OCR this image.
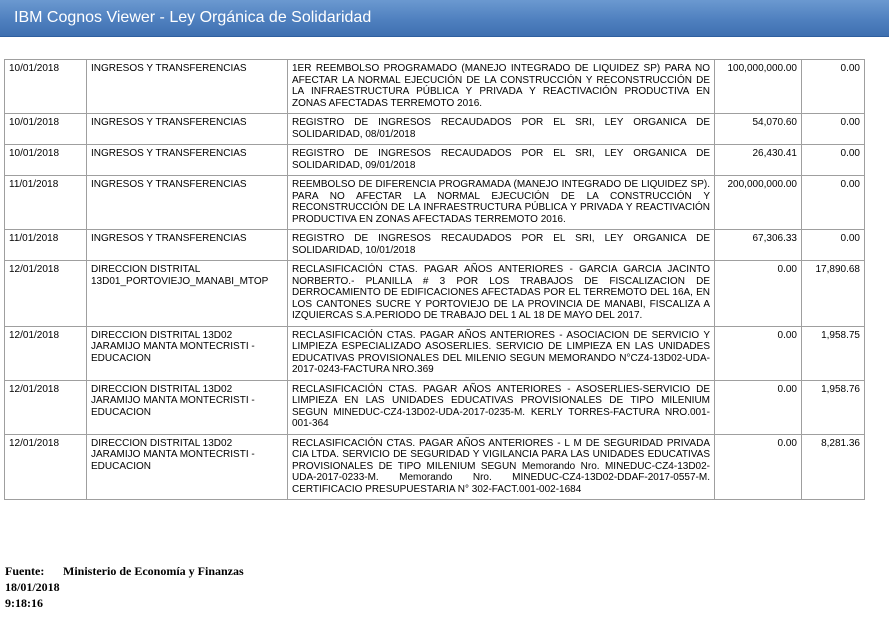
IBM Cognos Viewer - Ley Orgánica de Solidaridad
10/01/2018	INGRESOS Y TRANSFERENCIAS	1ER REEMBOLSO PROGRAMADO (MANEJO INTEGRADO DE LIQUIDEZ SP) PARA NO AFECTAR LA NORMAL EJECUCIÓN DE LA CONSTRUCCIÓN Y RECONSTRUCCIÓN DE LA INFRAESTRUCTURA PÚBLICA Y PRIVADA Y REACTIVACIÓN PRODUCTIVA EN ZONAS AFECTADAS TERREMOTO 2016.	100,000,000.00	0.00
10/01/2018	INGRESOS Y TRANSFERENCIAS	REGISTRO DE INGRESOS RECAUDADOS POR EL SRI, LEY ORGANICA DE SOLIDARIDAD, 08/01/2018	54,070.60	0.00
10/01/2018	INGRESOS Y TRANSFERENCIAS	REGISTRO DE INGRESOS RECAUDADOS POR EL SRI, LEY ORGANICA DE SOLIDARIDAD, 09/01/2018	26,430.41	0.00
11/01/2018	INGRESOS Y TRANSFERENCIAS	REEMBOLSO DE DIFERENCIA PROGRAMADA (MANEJO INTEGRADO DE LIQUIDEZ SP). PARA NO AFECTAR LA NORMAL EJECUCIÓN DE LA CONSTRUCCIÓN Y RECONSTRUCCIÓN DE LA INFRAESTRUCTURA PÚBLICA Y PRIVADA Y REACTIVACIÓN PRODUCTIVA EN ZONAS AFECTADAS TERREMOTO 2016.	200,000,000.00	0.00
11/01/2018	INGRESOS Y TRANSFERENCIAS	REGISTRO DE INGRESOS RECAUDADOS POR EL SRI, LEY ORGANICA DE SOLIDARIDAD, 10/01/2018	67,306.33	0.00
12/01/2018	DIRECCION DISTRITAL 13D01_PORTOVIEJO_MANABI_MTOP	RECLASIFICACIÓN CTAS. PAGAR AÑOS ANTERIORES - GARCIA GARCIA JACINTO NORBERTO.- PLANILLA # 3 POR LOS TRABAJOS DE FISCALIZACION DE DERROCAMIENTO DE EDIFICACIONES AFECTADAS POR EL TERREMOTO DEL 16A, EN LOS CANTONES SUCRE Y PORTOVIEJO DE LA PROVINCIA DE MANABI, FISCALIZA A IZQUIERCAS S.A.PERIODO DE TRABAJO DEL 1 AL 18 DE MAYO DEL 2017.	0.00	17,890.68
12/01/2018	DIRECCION DISTRITAL 13D02 JARAMIJO MANTA MONTECRISTI - EDUCACION	RECLASIFICACIÓN CTAS. PAGAR AÑOS ANTERIORES - ASOCIACION DE SERVICIO Y LIMPIEZA ESPECIALIZADO ASOSERLIES. SERVICIO DE LIMPIEZA EN LAS UNIDADES EDUCATIVAS PROVISIONALES DEL MILENIO SEGUN MEMORANDO N°CZ4-13D02-UDA-2017-0243-FACTURA NRO.369	0.00	1,958.75
12/01/2018	DIRECCION DISTRITAL 13D02 JARAMIJO MANTA MONTECRISTI - EDUCACION	RECLASIFICACIÓN CTAS. PAGAR AÑOS ANTERIORES - ASOSERLIES-SERVICIO DE LIMPIEZA EN LAS UNIDADES EDUCATIVAS PROVISIONALES DE TIPO MILENIUM SEGUN MINEDUC-CZ4-13D02-UDA-2017-0235-M. KERLY TORRES-FACTURA NRO.001-001-364	0.00	1,958.76
12/01/2018	DIRECCION DISTRITAL 13D02 JARAMIJO MANTA MONTECRISTI - EDUCACION	RECLASIFICACIÓN CTAS. PAGAR AÑOS ANTERIORES - L M DE SEGURIDAD PRIVADA CIA LTDA. SERVICIO DE SEGURIDAD Y VIGILANCIA PARA LAS UNIDADES EDUCATIVAS PROVISIONALES DE TIPO MILENIUM SEGUN Memorando Nro. MINEDUC-CZ4-13D02-UDA-2017-0233-M. Memorando Nro. MINEDUC-CZ4-13D02-DDAF-2017-0557-M. CERTIFICACIO PRESUPUESTARIA N° 302-FACT.001-002-1684	0.00	8,281.36
Fuente: Ministerio de Economía y Finanzas
18/01/2018
9:18:16
